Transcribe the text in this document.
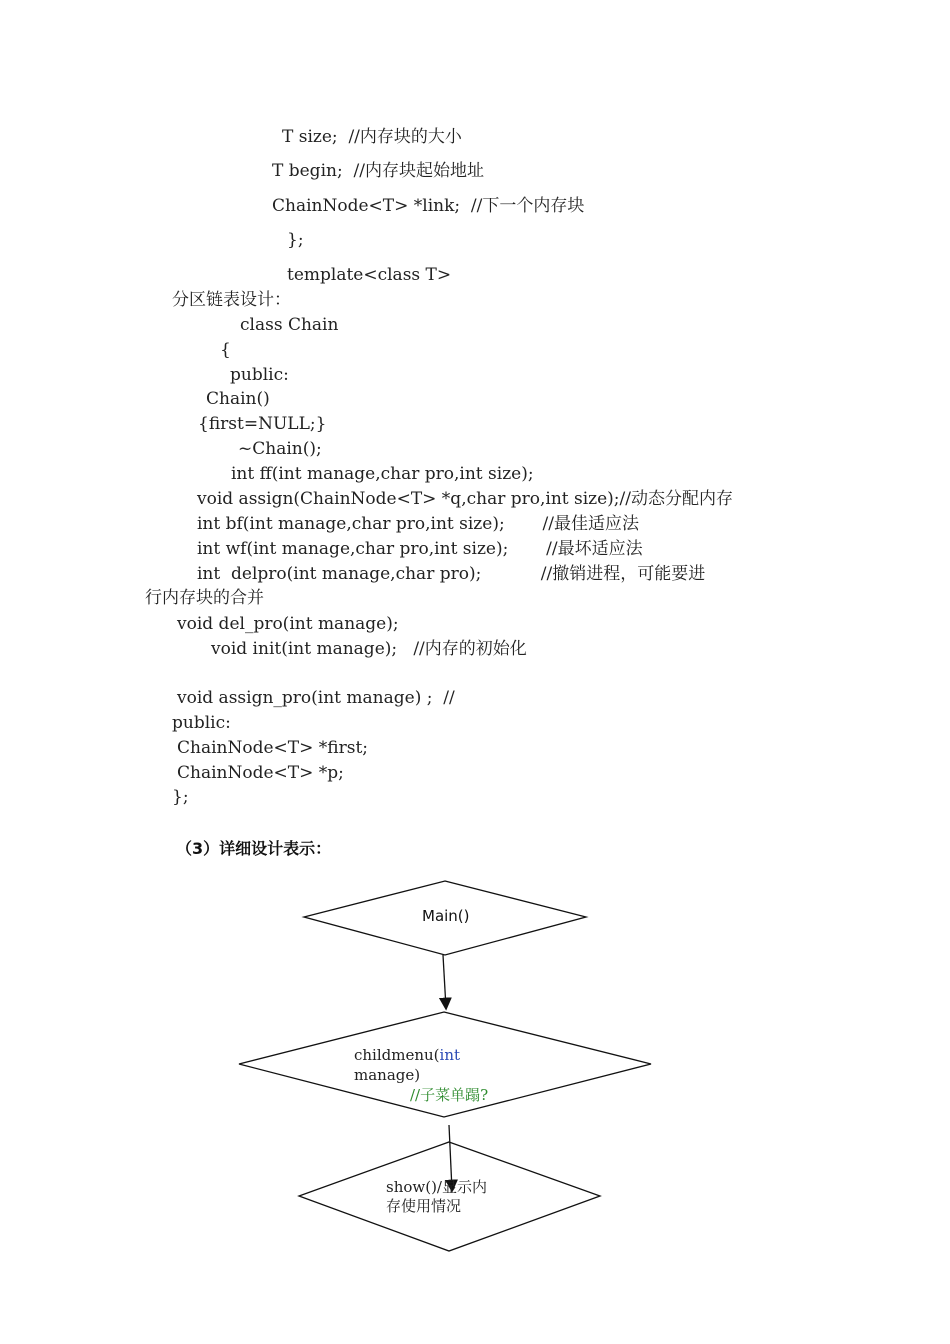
T size;  //内存块的大小
T begin;  //内存块起始地址
ChainNode<T> *link;  //下一个内存块
};
template<class T>
分区链表设计：
class Chain
{
public:
Chain()
{first=NULL;}
~Chain();
int ff(int manage,char pro,int size);
void assign(ChainNode<T> *q,char pro,int size);//动态分配内存
int bf(int manage,char pro,int size);       //最佳适应法
int wf(int manage,char pro,int size);       //最坏适应法
int  delpro(int manage,char pro);           //撤销进程，可能要进
行内存块的合并
void del_pro(int manage);
void init(int manage);   //内存的初始化
void assign_pro(int manage) ;  //
public:
ChainNode<T> *first;
ChainNode<T> *p;
};
（3）详细设计表示：
Main()
childmenu(int
manage)
//子菜单蹋?
show()/显示内
存使用情况
